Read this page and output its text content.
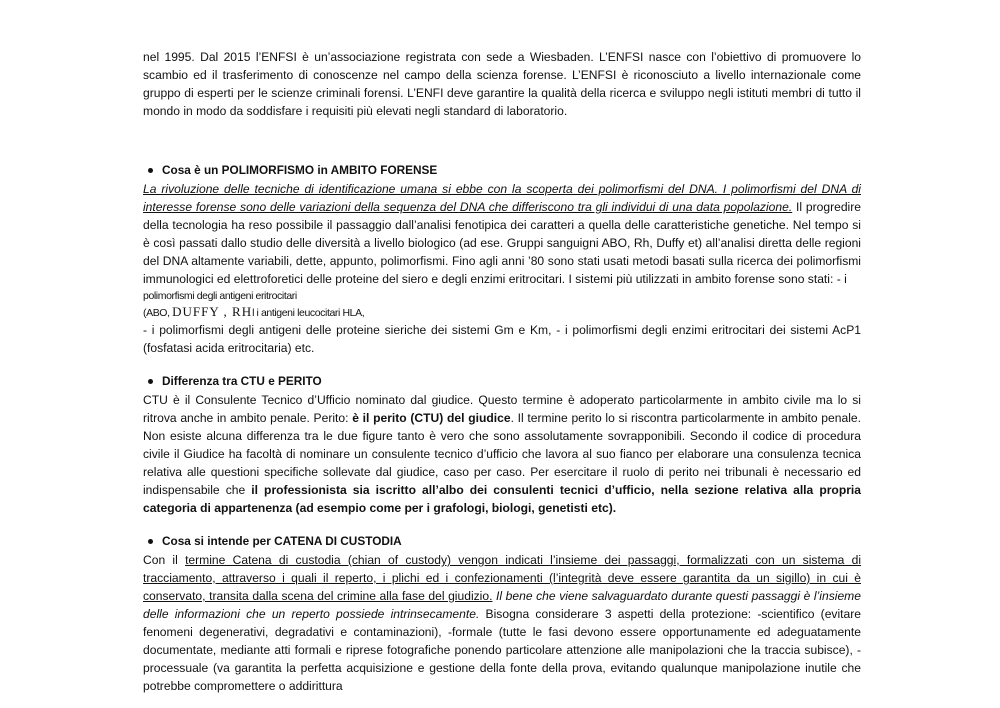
nel 1995. Dal 2015 l’ENFSI è un’associazione registrata con sede a Wiesbaden. L’ENFSI nasce con l’obiettivo di promuovere lo scambio ed il trasferimento di conoscenze nel campo della scienza forense. L’ENFSI è riconosciuto a livello internazionale come gruppo di esperti per le scienze criminali forensi. L’ENFI deve garantire la qualità della ricerca e sviluppo negli istituti membri di tutto il mondo in modo da soddisfare i requisiti più elevati negli standard di laboratorio.

Cosa è un POLIMORFISMO in AMBITO FORENSE

La rivoluzione delle tecniche di identificazione umana si ebbe con la scoperta dei polimorfismi del DNA. I polimorfismi del DNA di interesse forense sono delle variazioni della sequenza del DNA che differiscono tra gli individui di una data popolazione. Il progredire della tecnologia ha reso possibile il passaggio dall’analisi fenotipica dei caratteri a quella delle caratteristiche genetiche. Nel tempo si è così passati dallo studio delle diversità a livello biologico (ad ese. Gruppi sanguigni ABO, Rh, Duffy et) all’analisi diretta delle regioni del DNA altamente variabili, dette, appunto, polimorfismi. Fino agli anni ’80 sono stati usati metodi basati sulla ricerca dei polimorfismi immunologici ed elettroforetici delle proteine del siero e degli enzimi eritrocitari. I sistemi più utilizzati in ambito forense sono stati: - i
polimorfismi degli antigeni eritrocitari
(ABO, DUFFY , RHl i antigeni leucocitari HLA,
- i polimorfismi degli antigeni delle proteine sieriche dei sistemi Gm e Km, - i polimorfismi degli enzimi eritrocitari dei sistemi AcP1 (fosfatasi acida eritrocitaria) etc.

Differenza tra CTU e PERITO

CTU è il Consulente Tecnico d’Ufficio nominato dal giudice. Questo termine è adoperato particolarmente in ambito civile ma lo si ritrova anche in ambito penale. Perito: è il perito (CTU) del giudice. Il termine perito lo si riscontra particolarmente in ambito penale. Non esiste alcuna differenza tra le due figure tanto è vero che sono assolutamente sovrapponibili. Secondo il codice di procedura civile il Giudice ha facoltà di nominare un consulente tecnico d’ufficio che lavora al suo fianco per elaborare una consulenza tecnica relativa alle questioni specifiche sollevate dal giudice, caso per caso. Per esercitare il ruolo di perito nei tribunali è necessario ed indispensabile che il professionista sia iscritto all’albo dei consulenti tecnici d’ufficio, nella sezione relativa alla propria categoria di appartenenza (ad esempio come per i grafologi, biologi, genetisti etc).

Cosa si intende per CATENA DI CUSTODIA

Con il termine Catena di custodia (chian of custody) vengon indicati l’insieme dei passaggi, formalizzati con un sistema di tracciamento, attraverso i quali il reperto, i plichi ed i confezionamenti (l’integrità deve essere garantita da un sigillo) in cui è conservato, transita dalla scena del crimine alla fase del giudizio. Il bene che viene salvaguardato durante questi passaggi è l’insieme delle informazioni che un reperto possiede intrinsecamente. Bisogna considerare 3 aspetti della protezione: -scientifico (evitare fenomeni degenerativi, degradativi e contaminazioni), -formale (tutte le fasi devono essere opportunamente ed adeguatamente documentate, mediante atti formali e riprese fotografiche ponendo particolare attenzione alle manipolazioni che la traccia subisce), -processuale (va garantita la perfetta acquisizione e gestione della fonte della prova, evitando qualunque manipolazione inutile che potrebbe compromettere o addirittura
